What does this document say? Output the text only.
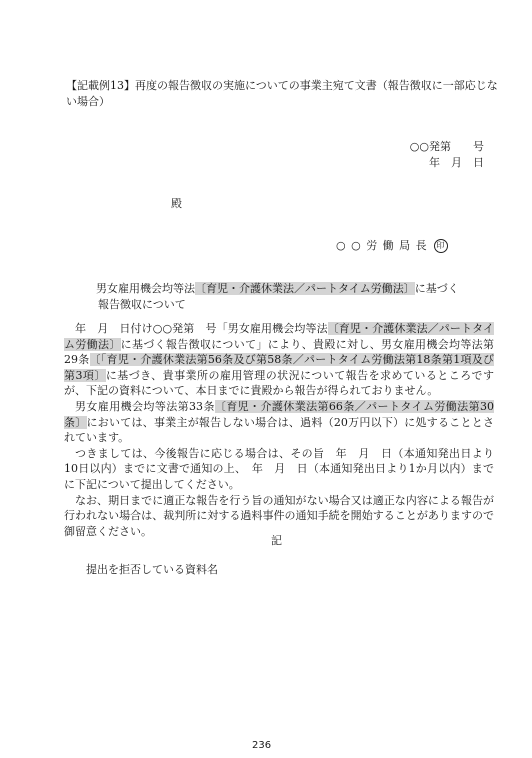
【記載例13】再度の報告徴収の実施についての事業主宛て文書（報告徴収に一部応じない場合）
○○発第　　号
年　月　日
殿
○ ○ 労 働 局 長 印
男女雇用機会均等法〔育児・介護休業法／パートタイム労働法〕に基づく
報告徴収について

年　月　日付け○○発第　号「男女雇用機会均等法〔育児・介護休業法／パートタイム労働法〕に基づく報告徴収について」により、貴殿に対し、男女雇用機会均等法第29条〔「育児・介護休業法第56条及び第58条／パートタイム労働法第18条第1項及び第3項〕に基づき、貴事業所の雇用管理の状況について報告を求めているところですが、下記の資料について、本日までに貴殿から報告が得られておりません。

男女雇用機会均等法第33条〔育児・介護休業法第66条／パートタイム労働法第30条〕においては、事業主が報告しない場合は、過料（20万円以下）に処することとされています。

つきましては、今後報告に応じる場合は、その旨　年　月　日（本通知発出日より10日以内）までに文書で通知の上、　年　月　日（本通知発出日より1か月以内）までに下記について提出してください。

なお、期日までに適正な報告を行う旨の通知がない場合又は適正な内容による報告が行われない場合は、裁判所に対する過料事件の通知手続を開始することがありますので御留意ください。

記
提出を拒否している資料名
236
